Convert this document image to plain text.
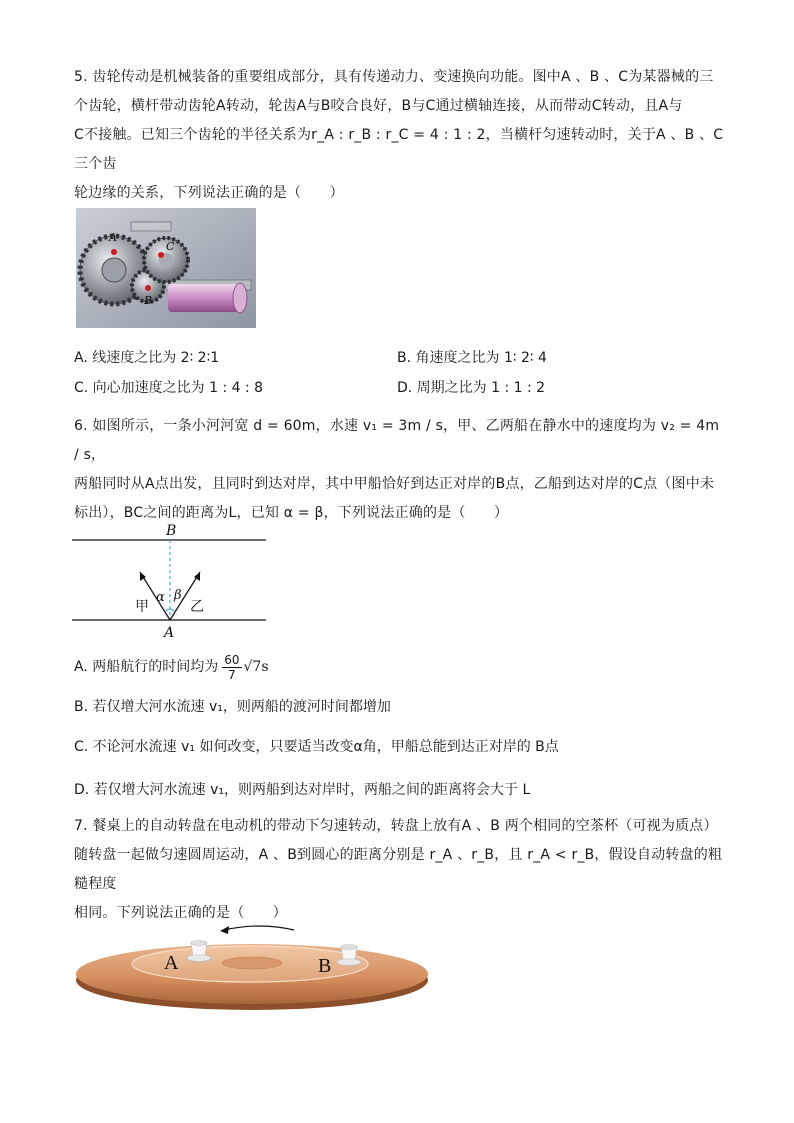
5. 齿轮传动是机械装备的重要组成部分，具有传递动力、变速换向功能。图中A 、B 、C为某器械的三
个齿轮，横杆带动齿轮A转动，轮齿A与B咬合良好，B与C通过横轴连接，从而带动C转动，且A与
C不接触。已知三个齿轮的半径关系为r_A : r_B : r_C = 4 : 1 : 2，当横杆匀速转动时，关于A 、B 、C三个齿
轮边缘的关系，下列说法正确的是（　　）
A
C
B
A. 线速度之比为 2∶ 2∶1	B. 角速度之比为 1∶ 2∶ 4
C. 向心加速度之比为 1 : 4 : 8	D. 周期之比为 1 : 1 : 2
6. 如图所示，一条小河河宽 d = 60m，水速 v₁ = 3m / s，甲、乙两船在静水中的速度均为 v₂ = 4m / s，
两船同时从A点出发，且同时到达对岸，其中甲船恰好到达正对岸的B点，乙船到达对岸的C点（图中未
标出），BC之间的距离为L，已知 α = β，下列说法正确的是（　　）
B
A
α β
甲	乙
A. 两船航行的时间均为 $\frac{60}{7} √7s$
B. 若仅增大河水流速 v₁，则两船的渡河时间都增加
C. 不论河水流速 v₁ 如何改变，只要适当改变α角，甲船总能到达正对岸的 B点
D. 若仅增大河水流速 v₁，则两船到达对岸时，两船之间的距离将会大于 L
7. 餐桌上的自动转盘在电动机的带动下匀速转动，转盘上放有A 、B 两个相同的空茶杯（可视为质点）
随转盘一起做匀速圆周运动，A 、B到圆心的距离分别是 r_A 、r_B，且 r_A < r_B，假设自动转盘的粗糙程度
相同。下列说法正确的是（　　）
A	B
